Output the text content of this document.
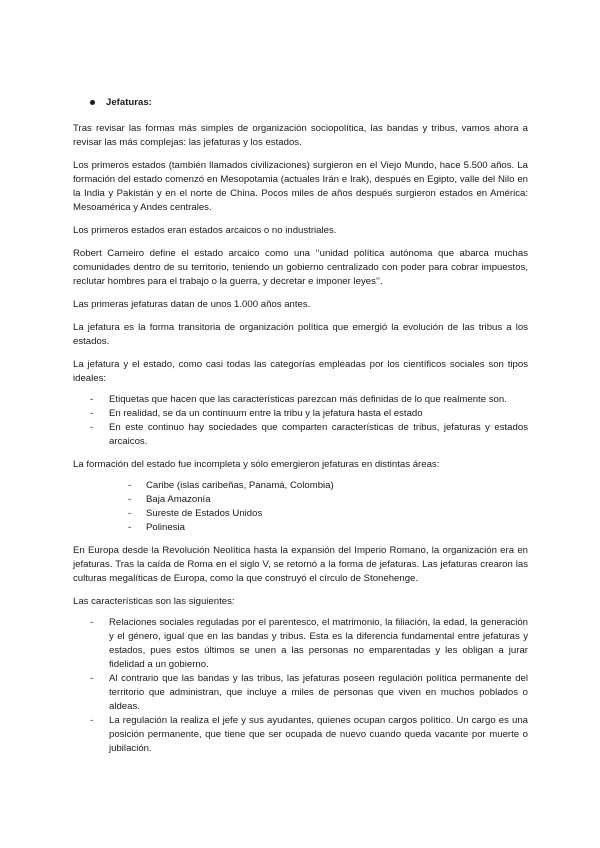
Jefaturas:

Tras revisar las formas más simples de organización sociopolítica, las bandas y tribus, vamos ahora a revisar las más complejas: las jefaturas y los estados.

Los primeros estados (también llamados civilizaciones) surgieron en el Viejo Mundo, hace 5.500 años. La formación del estado comenzó en Mesopotamia (actuales Irán e Irak), después en Egipto, valle del Nilo en la India y Pakistán y en el norte de China. Pocos miles de años después surgieron estados en América: Mesoamérica y Andes centrales.

Los primeros estados eran estados arcaicos o no industriales.

Robert Carneiro define el estado arcaico como una ‘‘unidad política autónoma que abarca muchas comunidades dentro de su territorio, teniendo un gobierno centralizado con poder para cobrar impuestos, reclutar hombres para el trabajo o la guerra, y decretar e imponer leyes’’.

Las primeras jefaturas datan de unos 1.000 años antes.

La jefatura es la forma transitoria de organización política que emergió la evolución de las tribus a los estados.

La jefatura y el estado, como casi todas las categorías empleadas por los científicos sociales son tipos ideales:

- Etiquetas que hacen que las características parezcan más definidas de lo que realmente son.
- En realidad, se da un continuum entre la tribu y la jefatura hasta el estado
- En este continuo hay sociedades que comparten características de tribus, jefaturas y estados arcaicos.

La formación del estado fue incompleta y sólo emergieron jefaturas en distintas áreas:

- Caribe (islas caribeñas, Panamá, Colombia)
- Baja Amazonía
- Sureste de Estados Unidos
- Polinesia

En Europa desde la Revolución Neolítica hasta la expansión del Imperio Romano, la organización era en jefaturas. Tras la caída de Roma en el siglo V, se retornó a la forma de jefaturas. Las jefaturas crearon las culturas megalíticas de Europa, como la que construyó el círculo de Stonehenge.

Las características son las siguientes:

- Relaciones sociales reguladas por el parentesco, el matrimonio, la filiación, la edad, la generación y el género, igual que en las bandas y tribus. Esta es la diferencia fundamental entre jefaturas y estados, pues estos últimos se unen a las personas no emparentadas y les obligan a jurar fidelidad a un gobierno.
- Al contrario que las bandas y las tribus, las jefaturas poseen regulación política permanente del territorio que administran, que incluye a miles de personas que viven en muchos poblados o aldeas.
- La regulación la realiza el jefe y sus ayudantes, quienes ocupan cargos político. Un cargo es una posición permanente, que tiene que ser ocupada de nuevo cuando queda vacante por muerte o jubilación.
